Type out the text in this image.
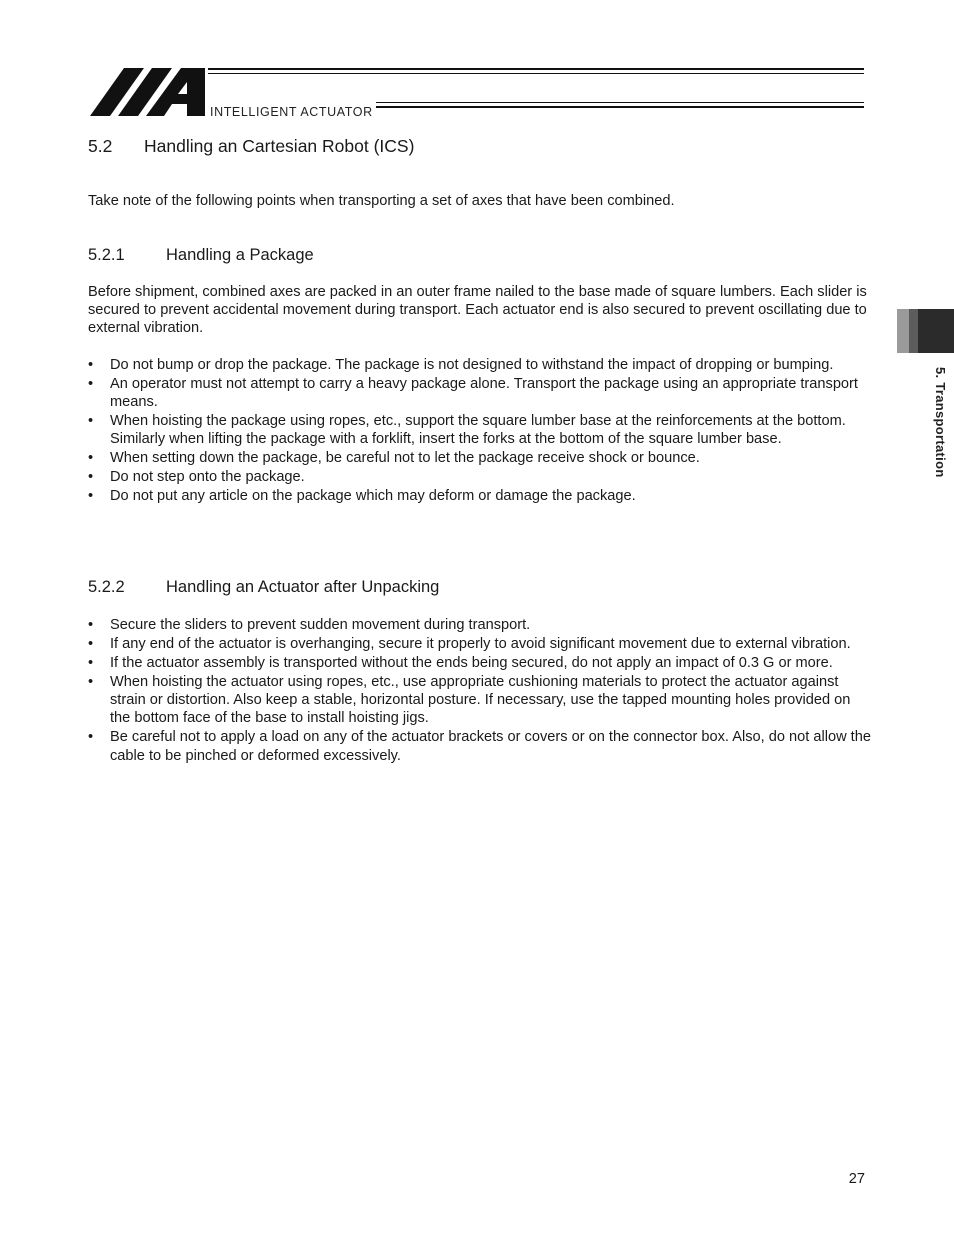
INTELLIGENT ACTUATOR
5. Transportation
5.2 Handling an Cartesian Robot (ICS)
Take note of the following points when transporting a set of axes that have been combined.
5.2.1	Handling a Package
Before shipment, combined axes are packed in an outer frame nailed to the base made of square lumbers. Each slider is secured to prevent accidental movement during transport. Each actuator end is also secured to prevent oscillating due to external vibration.
• Do not bump or drop the package. The package is not designed to withstand the impact of dropping or bumping.
• An operator must not attempt to carry a heavy package alone. Transport the package using an appropriate transport means.
• When hoisting the package using ropes, etc., support the square lumber base at the reinforcements at the bottom. Similarly when lifting the package with a forklift, insert the forks at the bottom of the square lumber base.
• When setting down the package, be careful not to let the package receive shock or bounce.
• Do not step onto the package.
• Do not put any article on the package which may deform or damage the package.
5.2.2	Handling an Actuator after Unpacking
• Secure the sliders to prevent sudden movement during transport.
• If any end of the actuator is overhanging, secure it properly to avoid significant movement due to external vibration.
• If the actuator assembly is transported without the ends being secured, do not apply an impact of 0.3 G or more.
• When hoisting the actuator using ropes, etc., use appropriate cushioning materials to protect the actuator against strain or distortion. Also keep a stable, horizontal posture. If necessary, use the tapped mounting holes provided on the bottom face of the base to install hoisting jigs.
• Be careful not to apply a load on any of the actuator brackets or covers or on the connector box. Also, do not allow the cable to be pinched or deformed excessively.
27
